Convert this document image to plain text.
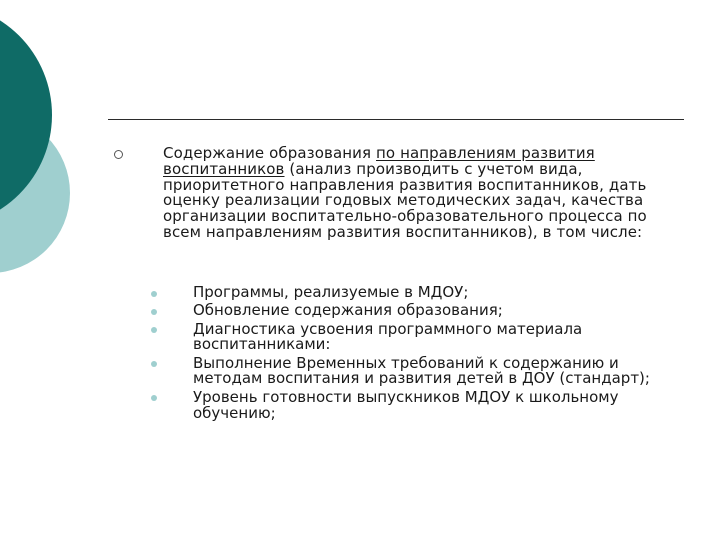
Содержание образования по направлениям развития воспитанников (анализ производить с учетом вида, приоритетного направления развития воспитанников, дать оценку реализации годовых методических задач, качества организации воспитательно-образовательного процесса по всем направлениям развития воспитанников), в том числе:
Программы, реализуемые в МДОУ;
Обновление содержания образования;
Диагностика усвоения программного материала воспитанниками:
Выполнение Временных требований к содержанию и методам воспитания и развития детей в ДОУ (стандарт);
Уровень готовности выпускников МДОУ к школьному обучению;
